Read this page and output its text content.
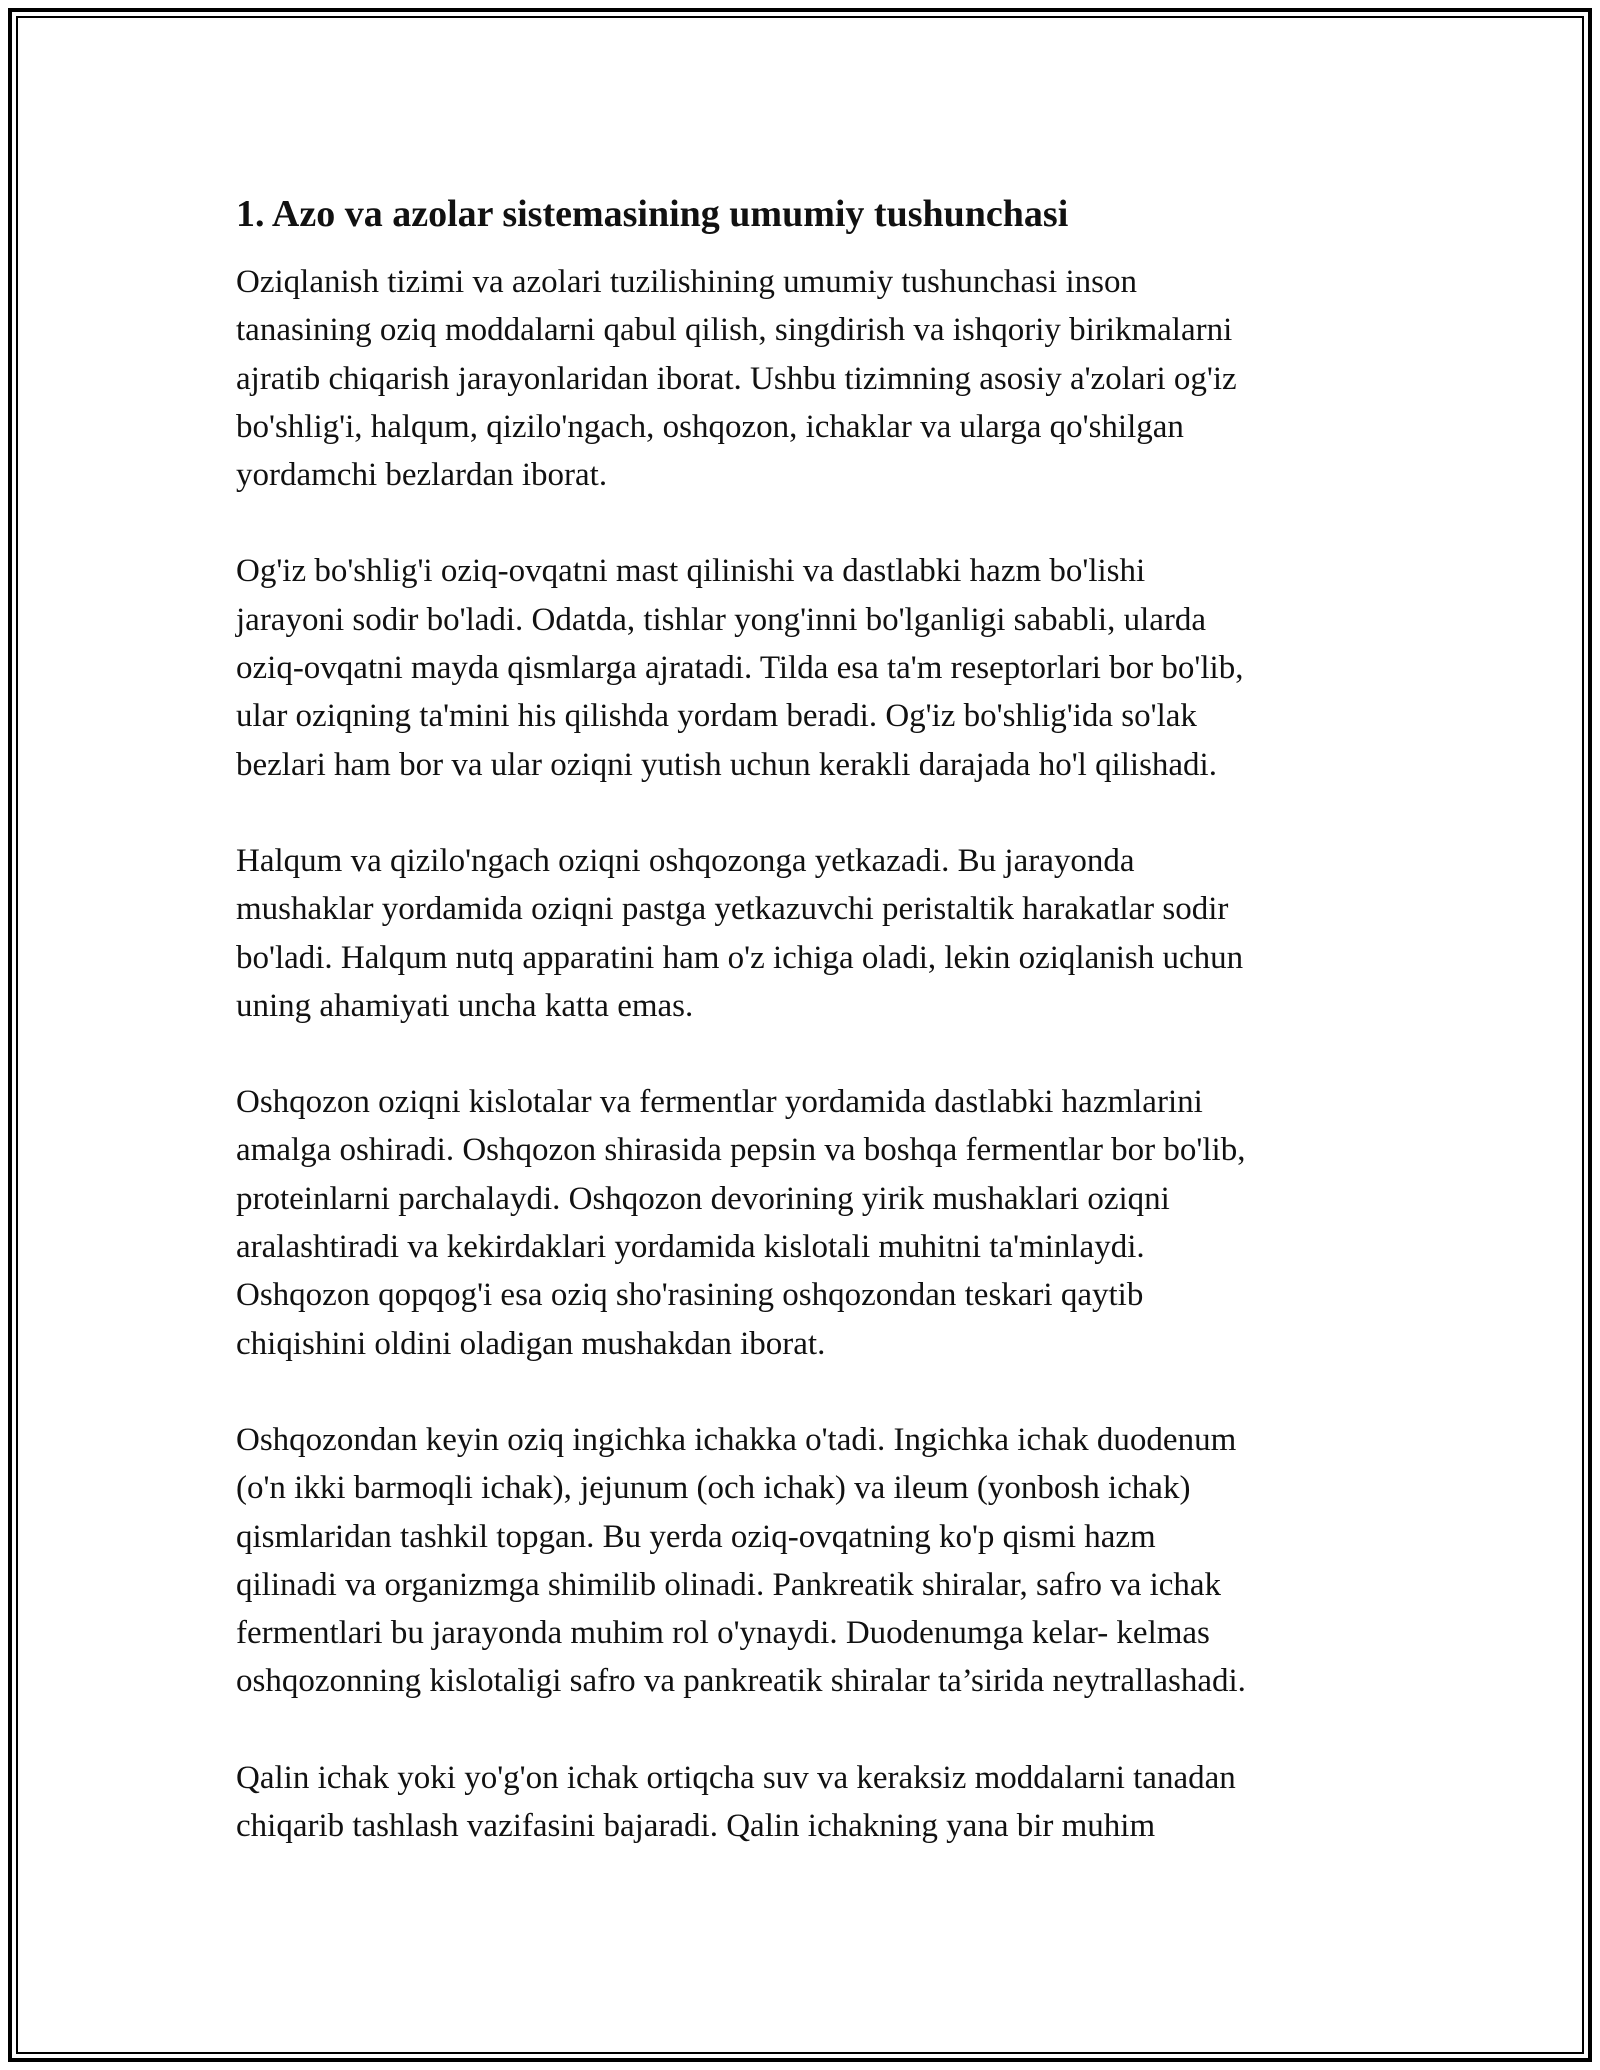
1. Azo va azolar sistemasining umumiy tushunchasi

Oziqlanish tizimi va azolari tuzilishining umumiy tushunchasi inson
tanasining oziq moddalarni qabul qilish, singdirish va ishqoriy birikmalarni
ajratib chiqarish jarayonlaridan iborat. Ushbu tizimning asosiy a'zolari og'iz
bo'shlig'i, halqum, qizilo'ngach, oshqozon, ichaklar va ularga qo'shilgan
yordamchi bezlardan iborat.

Og'iz bo'shlig'i oziq-ovqatni mast qilinishi va dastlabki hazm bo'lishi
jarayoni sodir bo'ladi. Odatda, tishlar yong'inni bo'lganligi sababli, ularda
oziq-ovqatni mayda qismlarga ajratadi. Tilda esa ta'm reseptorlari bor bo'lib,
ular oziqning ta'mini his qilishda yordam beradi. Og'iz bo'shlig'ida so'lak
bezlari ham bor va ular oziqni yutish uchun kerakli darajada ho'l qilishadi.

Halqum va qizilo'ngach oziqni oshqozonga yetkazadi. Bu jarayonda
mushaklar yordamida oziqni pastga yetkazuvchi peristaltik harakatlar sodir
bo'ladi. Halqum nutq apparatini ham o'z ichiga oladi, lekin oziqlanish uchun
uning ahamiyati uncha katta emas.

Oshqozon oziqni kislotalar va fermentlar yordamida dastlabki hazmlarini
amalga oshiradi. Oshqozon shirasida pepsin va boshqa fermentlar bor bo'lib,
proteinlarni parchalaydi. Oshqozon devorining yirik mushaklari oziqni
aralashtiradi va kekirdaklari yordamida kislotali muhitni ta'minlaydi.
Oshqozon qopqog'i esa oziq sho'rasining oshqozondan teskari qaytib
chiqishini oldini oladigan mushakdan iborat.

Oshqozondan keyin oziq ingichka ichakka o'tadi. Ingichka ichak duodenum
(o'n ikki barmoqli ichak), jejunum (och ichak) va ileum (yonbosh ichak)
qismlaridan tashkil topgan. Bu yerda oziq-ovqatning ko'p qismi hazm
qilinadi va organizmga shimilib olinadi. Pankreatik shiralar, safro va ichak
fermentlari bu jarayonda muhim rol o'ynaydi. Duodenumga kelar- kelmas
oshqozonning kislotaligi safro va pankreatik shiralar ta’sirida neytrallashadi.

Qalin ichak yoki yo'g'on ichak ortiqcha suv va keraksiz moddalarni tanadan
chiqarib tashlash vazifasini bajaradi. Qalin ichakning yana bir muhim
